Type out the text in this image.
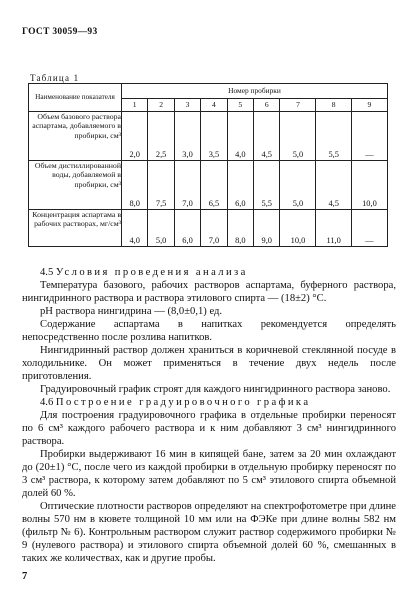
ГОСТ 30059—93
Таблица 1
Наименование показателя	Номер пробирки								
	1	2	3	4	5	6	7	8	9
Объем базового раствора аспартама, добавляемого в пробирки, см³	2,0	2,5	3,0	3,5	4,0	4,5	5,0	5,5	—
Объем дистиллированной воды, добавляемой в пробирки, см³	8,0	7,5	7,0	6,5	6,0	5,5	5,0	4,5	10,0
Концентрация аспартама в рабочих растворах, мг/см³	4,0	5,0	6,0	7,0	8,0	9,0	10,0	11,0	—

4.5 Условия проведения анализа

Температура базового, рабочих растворов аспартама, буферного раствора, нингидринного раствора и раствора этилового спирта — (18±2) °С.

рН раствора нингидрина — (8,0±0,1) ед.

Содержание аспартама в напитках рекомендуется определять непосредственно после розлива напитков.

Нингидринный раствор должен храниться в коричневой стеклянной посуде в холодильнике. Он может применяться в течение двух недель после приготовления.

Градуировочный график строят для каждого нингидринного раствора заново.

4.6 Построение градуировочного графика

Для построения градуировочного графика в отдельные пробирки переносят по 6 см³ каждого рабочего раствора и к ним добавляют 3 см³ нингидринного раствора.

Пробирки выдерживают 16 мин в кипящей бане, затем за 20 мин охлаждают до (20±1) °С, после чего из каждой пробирки в отдельную пробирку переносят по 3 см³ раствора, к которому затем добавляют по 5 см³ этилового спирта объемной долей 60 %.

Оптические плотности растворов определяют на спектрофотометре при длине волны 570 нм в кювете толщиной 10 мм или на ФЭКе при длине волны 582 нм (фильтр № 6). Контрольным раствором служит раствор содержимого пробирки № 9 (нулевого раствора) и этилового спирта объемной долей 60 %, смешанных в таких же количествах, как и другие пробы.

7
